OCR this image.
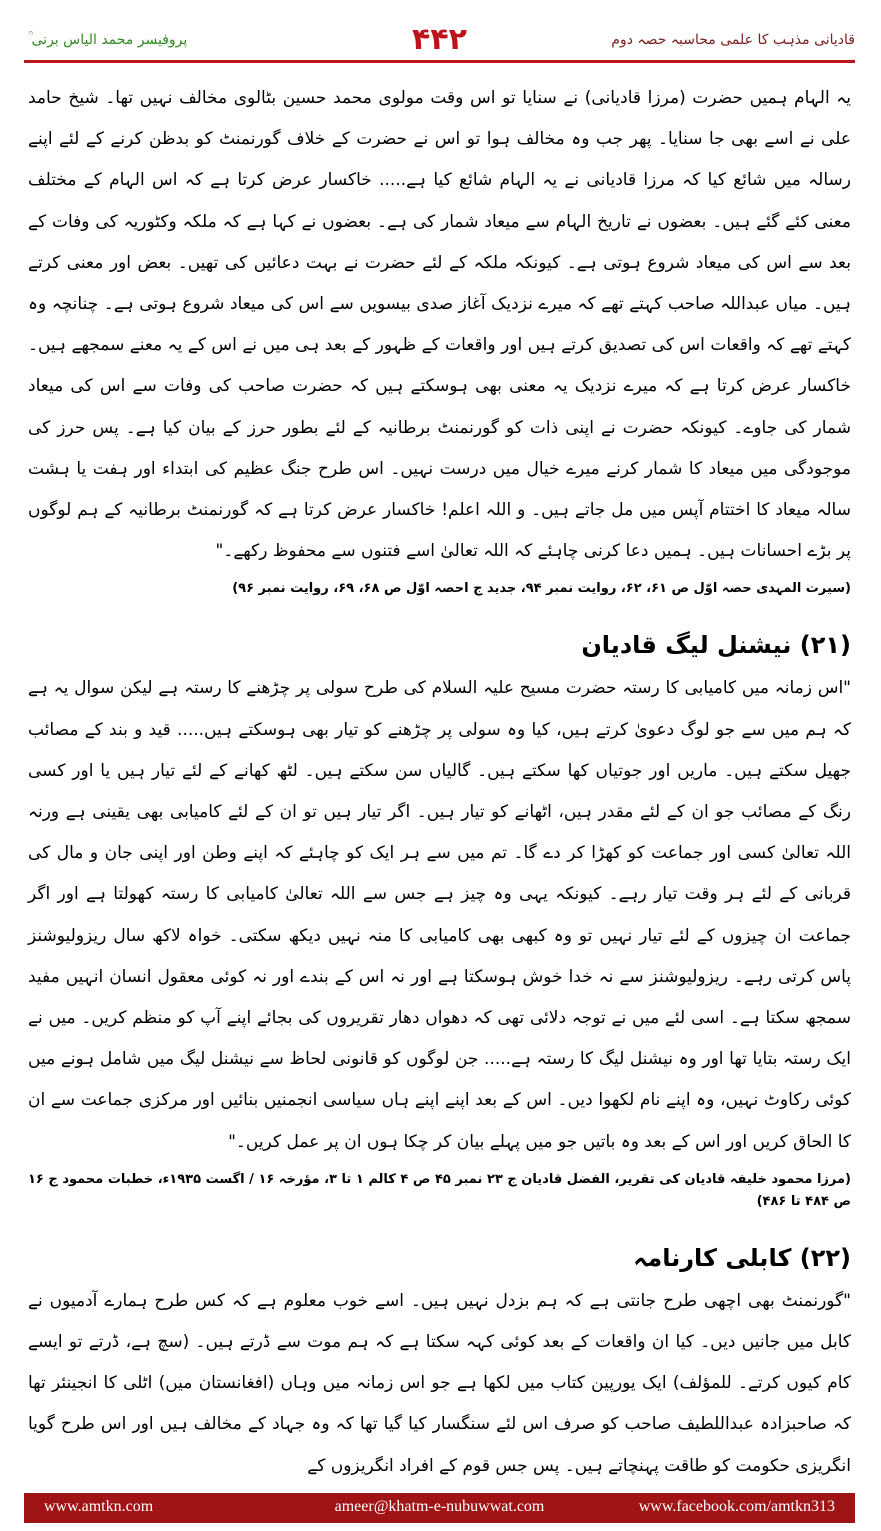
پروفیسر محمد الیاس برنی ؒ	۴۴۲	قادیانی مذہب کا علمی محاسبہ حصہ دوم

یہ الہام ہمیں حضرت (مرزا قادیانی) نے سنایا تو اس وقت مولوی محمد حسین بٹالوی مخالف نہیں تھا۔ شیخ حامد علی نے اسے بھی جا سنایا۔ پھر جب وہ مخالف ہوا تو اس نے حضرت کے خلاف گورنمنٹ کو بدظن کرنے کے لئے اپنے رسالہ میں شائع کیا کہ مرزا قادیانی نے یہ الہام شائع کیا ہے..... خاکسار عرض کرتا ہے کہ اس الہام کے مختلف معنی کئے گئے ہیں۔ بعضوں نے تاریخ الہام سے میعاد شمار کی ہے۔ بعضوں نے کہا ہے کہ ملکہ وکٹوریہ کی وفات کے بعد سے اس کی میعاد شروع ہوتی ہے۔ کیونکہ ملکہ کے لئے حضرت نے بہت دعائیں کی تھیں۔ بعض اور معنی کرتے ہیں۔ میاں عبداللہ صاحب کہتے تھے کہ میرے نزدیک آغاز صدی بیسویں سے اس کی میعاد شروع ہوتی ہے۔ چنانچہ وہ کہتے تھے کہ واقعات اس کی تصدیق کرتے ہیں اور واقعات کے ظہور کے بعد ہی میں نے اس کے یہ معنے سمجھے ہیں۔ خاکسار عرض کرتا ہے کہ میرے نزدیک یہ معنی بھی ہوسکتے ہیں کہ حضرت صاحب کی وفات سے اس کی میعاد شمار کی جاوے۔ کیونکہ حضرت نے اپنی ذات کو گورنمنٹ برطانیہ کے لئے بطور حرز کے بیان کیا ہے۔ پس حرز کی موجودگی میں میعاد کا شمار کرنے میرے خیال میں درست نہیں۔ اس طرح جنگ عظیم کی ابتداء اور ہفت یا ہشت سالہ میعاد کا اختتام آپس میں مل جاتے ہیں۔ و اللہ اعلم! خاکسار عرض کرتا ہے کہ گورنمنٹ برطانیہ کے ہم لوگوں پر بڑے احسانات ہیں۔ ہمیں دعا کرنی چاہئے کہ اللہ تعالیٰ اسے فتنوں سے محفوظ رکھے۔"

(سیرت المہدی حصہ اوّل ص ۶۱، ۶۲، روایت نمبر ۹۴، جدید ج احصہ اوّل ص ۶۸، ۶۹، روایت نمبر ۹۶)

(۲۱) نیشنل لیگ قادیان

"اس زمانہ میں کامیابی کا رستہ حضرت مسیح علیہ السلام کی طرح سولی پر چڑھنے کا رستہ ہے لیکن سوال یہ ہے کہ ہم میں سے جو لوگ دعویٰ کرتے ہیں، کیا وہ سولی پر چڑھنے کو تیار بھی ہوسکتے ہیں..... قید و بند کے مصائب جھیل سکتے ہیں۔ ماریں اور جوتیاں کھا سکتے ہیں۔ گالیاں سن سکتے ہیں۔ لٹھ کھانے کے لئے تیار ہیں یا اور کسی رنگ کے مصائب جو ان کے لئے مقدر ہیں، اٹھانے کو تیار ہیں۔ اگر تیار ہیں تو ان کے لئے کامیابی بھی یقینی ہے ورنہ اللہ تعالیٰ کسی اور جماعت کو کھڑا کر دے گا۔ تم میں سے ہر ایک کو چاہئے کہ اپنے وطن اور اپنی جان و مال کی قربانی کے لئے ہر وقت تیار رہے۔ کیونکہ یہی وہ چیز ہے جس سے اللہ تعالیٰ کامیابی کا رستہ کھولتا ہے اور اگر جماعت ان چیزوں کے لئے تیار نہیں تو وہ کبھی بھی کامیابی کا منہ نہیں دیکھ سکتی۔ خواہ لاکھ سال ریزولیوشنز پاس کرتی رہے۔ ریزولیوشنز سے نہ خدا خوش ہوسکتا ہے اور نہ اس کے بندے اور نہ کوئی معقول انسان انہیں مفید سمجھ سکتا ہے۔ اسی لئے میں نے توجہ دلائی تھی کہ دھواں دھار تقریروں کی بجائے اپنے آپ کو منظم کریں۔ میں نے ایک رستہ بتایا تھا اور وہ نیشنل لیگ کا رستہ ہے..... جن لوگوں کو قانونی لحاظ سے نیشنل لیگ میں شامل ہونے میں کوئی رکاوٹ نہیں، وہ اپنے نام لکھوا دیں۔ اس کے بعد اپنے اپنے ہاں سیاسی انجمنیں بنائیں اور مرکزی جماعت سے ان کا الحاق کریں اور اس کے بعد وہ باتیں جو میں پہلے بیان کر چکا ہوں ان پر عمل کریں۔"

(مرزا محمود خلیفہ قادیان کی تقریر، الفضل قادیان ج ۲۳ نمبر ۴۵ ص ۴ کالم ۱ تا ۳، مؤرخہ ۱۶ / اگست ۱۹۳۵ء، خطبات محمود ج ۱۶ ص ۴۸۴ تا ۴۸۶)

(۲۲) کابلی کارنامہ

"گورنمنٹ بھی اچھی طرح جانتی ہے کہ ہم بزدل نہیں ہیں۔ اسے خوب معلوم ہے کہ کس طرح ہمارے آدمیوں نے کابل میں جانیں دیں۔ کیا ان واقعات کے بعد کوئی کہہ سکتا ہے کہ ہم موت سے ڈرتے ہیں۔ (سچ ہے، ڈرتے تو ایسے کام کیوں کرتے۔ للمؤلف) ایک یورپین کتاب میں لکھا ہے جو اس زمانہ میں وہاں (افغانستان میں) اٹلی کا انجینئر تھا کہ صاحبزادہ عبداللطیف صاحب کو صرف اس لئے سنگسار کیا گیا تھا کہ وہ جہاد کے مخالف ہیں اور اس طرح گویا انگریزی حکومت کو طاقت پہنچاتے ہیں۔ پس جس قوم کے افراد انگریزوں کے

www.amtkn.com	ameer@khatm-e-nubuwwat.com	www.facebook.com/amtkn313
